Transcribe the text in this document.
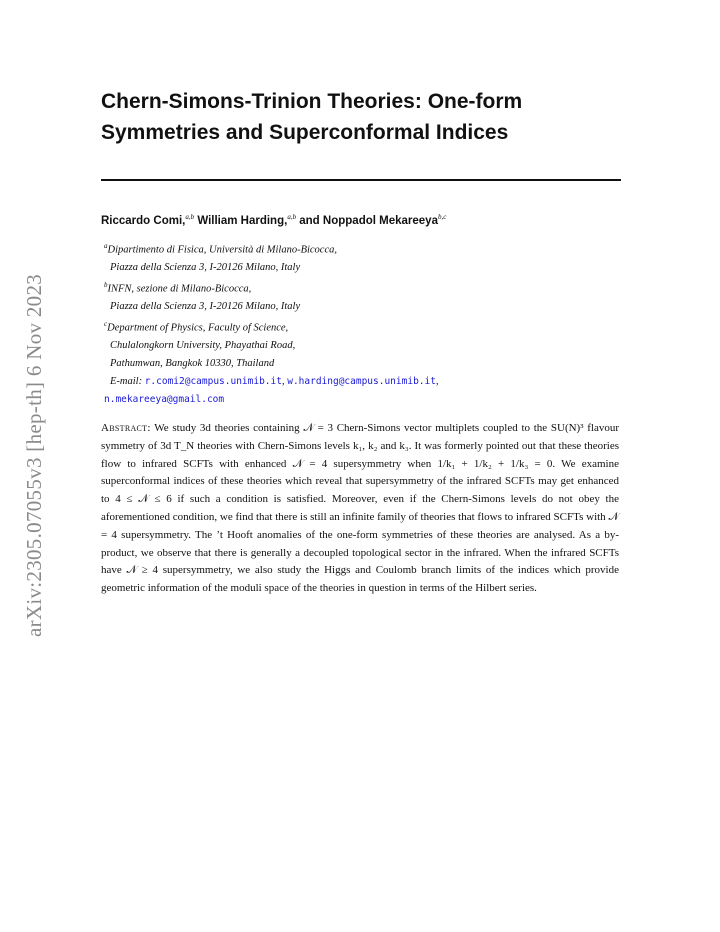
arXiv:2305.07055v3 [hep-th] 6 Nov 2023
Chern-Simons-Trinion Theories: One-form
Symmetries and Superconformal Indices
Riccardo Comi,$^{a,b}$ William Harding,$^{a,b}$ and Noppadol Mekareeya$^{b,c}$
$^a$Dipartimento di Fisica, Università di Milano-Bicocca,
Piazza della Scienza 3, I-20126 Milano, Italy
$^b$INFN, sezione di Milano-Bicocca,
Piazza della Scienza 3, I-20126 Milano, Italy
$^c$Department of Physics, Faculty of Science,
Chulalongkorn University, Phayathai Road,
Pathumwan, Bangkok 10330, Thailand
E-mail: r.comi2@campus.unimib.it, w.harding@campus.unimib.it,
n.mekareeya@gmail.com
Abstract: We study 3d theories containing 𝒩 = 3 Chern-Simons vector multiplets coupled to the SU(N)³ flavour symmetry of 3d T_N theories with Chern-Simons levels k₁, k₂ and k₃. It was formerly pointed out that these theories flow to infrared SCFTs with enhanced 𝒩 = 4 supersymmetry when 1/k₁ + 1/k₂ + 1/k₃ = 0. We examine superconformal indices of these theories which reveal that supersymmetry of the infrared SCFTs may get enhanced to 4 ≤ 𝒩 ≤ 6 if such a condition is satisfied. Moreover, even if the Chern-Simons levels do not obey the aforementioned condition, we find that there is still an infinite family of theories that flows to infrared SCFTs with 𝒩 = 4 supersymmetry. The ’t Hooft anomalies of the one-form symmetries of these theories are analysed. As a by-product, we observe that there is generally a decoupled topological sector in the infrared. When the infrared SCFTs have 𝒩 ≥ 4 supersymmetry, we also study the Higgs and Coulomb branch limits of the indices which provide geometric information of the moduli space of the theories in question in terms of the Hilbert series.
